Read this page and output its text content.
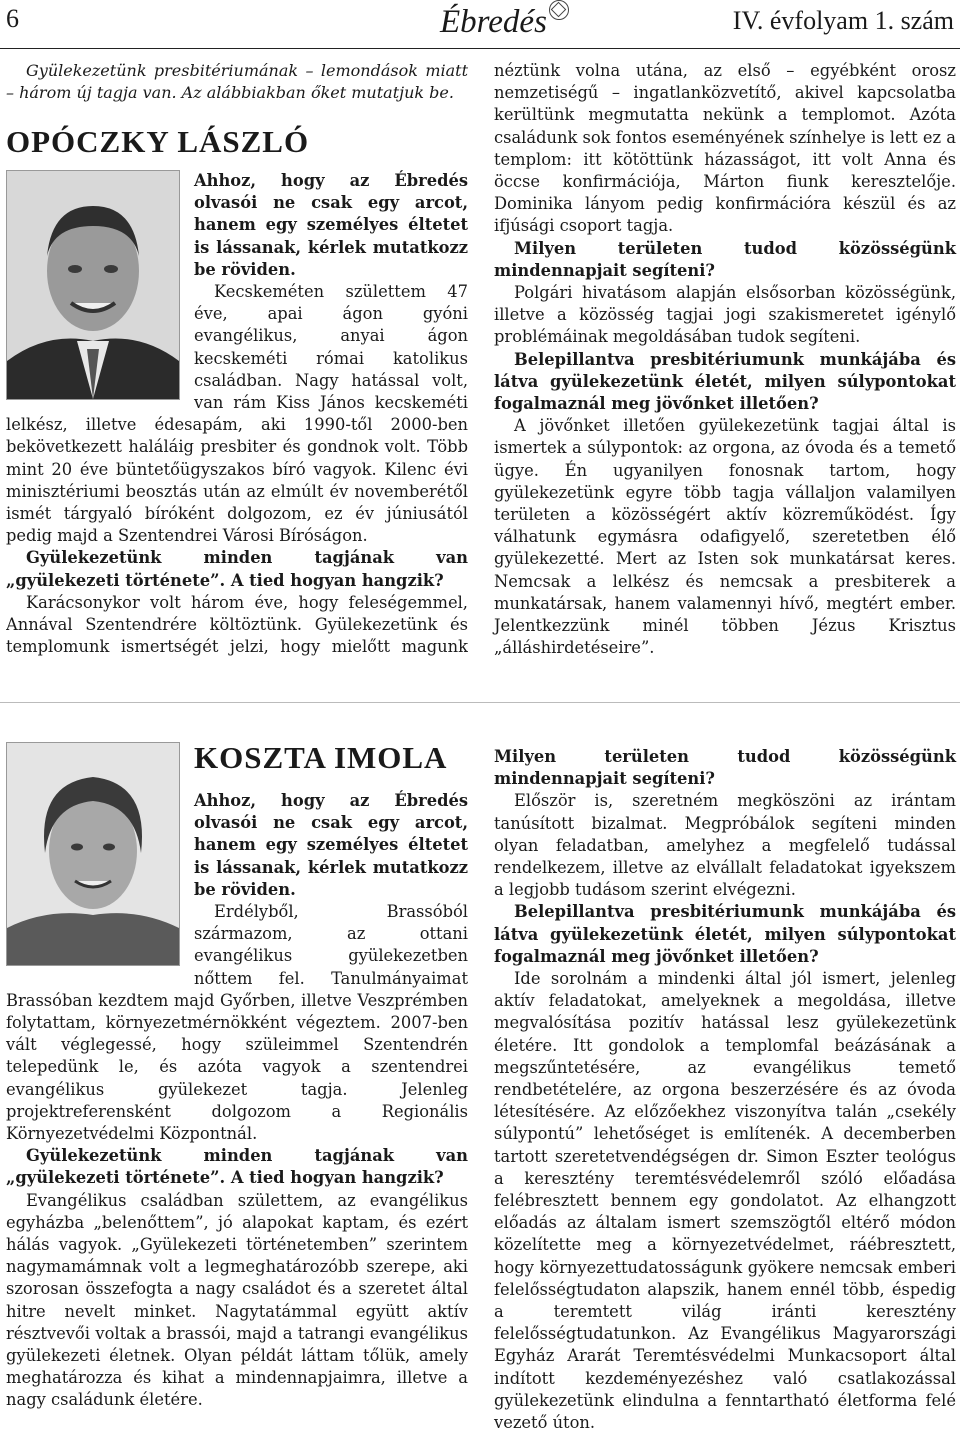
6	Ébredés	IV. évfolyam 1. szám

Gyülekezetünk presbitériumának – lemondások miatt – három új tagja van. Az alábbiakban őket mutatjuk be.

OPÓCZKY LÁSZLÓ

Ahhoz, hogy az Ébredés olvasói ne csak egy arcot, hanem egy személyes éltetet is lássanak, kérlek mutatkozz be röviden.

Kecskeméten születtem 47 éve, apai ágon gyóni evangélikus, anyai ágon kecskeméti római katolikus családban. Nagy hatással volt, van rám Kiss János kecskeméti lelkész, illetve édesapám, aki 1990-től 2000-ben bekövetkezett haláláig presbiter és gondnok volt. Több mint 20 éve büntetőügyszakos bíró vagyok. Kilenc évi minisztériumi beosztás után az elmúlt év novemberétől ismét tárgyaló bíróként dolgozom, ez év júniusától pedig majd a Szentendrei Városi Bíróságon.

Gyülekezetünk minden tagjának van „gyülekezeti története”. A tied hogyan hangzik?

Karácsonykor volt három éve, hogy feleségemmel, Annával Szentendrére költöztünk. Gyülekezetünk és templomunk ismertségét jelzi, hogy mielőtt magunk

néztünk volna utána, az első – egyébként orosz nemzetiségű – ingatlanközvetítő, akivel kapcsolatba kerültünk megmutatta nekünk a templomot. Azóta családunk sok fontos eseményének színhelye is lett ez a templom: itt kötöttünk házasságot, itt volt Anna és öccse konfirmációja, Márton fiunk keresztelője. Dominika lányom pedig konfirmációra készül és az ifjúsági csoport tagja.

Milyen területen tudod közösségünk mindennapjait segíteni?

Polgári hivatásom alapján elsősorban közösségünk, illetve a közösség tagjai jogi szakismeretet igénylő problémáinak megoldásában tudok segíteni.

Belepillantva presbitériumunk munkájába és látva gyülekezetünk életét, milyen súlypontokat fogalmaznál meg jövőnket illetően?

A jövőnket illetően gyülekezetünk tagjai által is ismertek a súlypontok: az orgona, az óvoda és a temető ügye. Én ugyanilyen fonosnak tartom, hogy gyülekezetünk egyre több tagja vállaljon valamilyen területen a közösségért aktív közreműködést. Így válhatunk egymásra odafigyelő, szeretetben élő gyülekezetté. Mert az Isten sok munkatársat keres. Nemcsak a lelkész és nemcsak a presbiterek a munkatársak, hanem valamennyi hívő, megtért ember. Jelentkezzünk minél többen Jézus Krisztus „álláshirdetéseire”.

KOSZTA IMOLA

Ahhoz, hogy az Ébredés olvasói ne csak egy arcot, hanem egy személyes éltetet is lássanak, kérlek mutatkozz be röviden.

Erdélyből, Brassóból származom, az ottani evangélikus gyülekezetben nőttem fel. Tanulmányaimat Brassóban kezdtem majd Győrben, illetve Veszprémben folytattam, környezetmérnökként végeztem. 2007-ben vált véglegessé, hogy szüleimmel Szentendrén telepedünk le, és azóta vagyok a szentendrei evangélikus gyülekezet tagja. Jelenleg projektreferensként dolgozom a Regionális Környezetvédelmi Központnál.

Gyülekezetünk minden tagjának van „gyülekezeti története”. A tied hogyan hangzik?

Evangélikus családban születtem, az evangélikus egyházba „belenőttem”, jó alapokat kaptam, és ezért hálás vagyok. „Gyülekezeti történetemben” szerintem nagymamámnak volt a legmeghatározóbb szerepe, aki szorosan összefogta a nagy családot és a szeretet által hitre nevelt minket. Nagytatámmal együtt aktív résztvevői voltak a brassói, majd a tatrangi evangélikus gyülekezeti életnek. Olyan példát láttam tőlük, amely meghatározza és kihat a mindennapjaimra, illetve a nagy családunk életére.

Milyen területen tudod közösségünk mindennapjait segíteni?

Először is, szeretném megköszöni az irántam tanúsított bizalmat. Megpróbálok segíteni minden olyan feladatban, amelyhez a megfelelő tudással rendelkezem, illetve az elvállalt feladatokat igyekszem a legjobb tudásom szerint elvégezni.

Belepillantva presbitériumunk munkájába és látva gyülekezetünk életét, milyen súlypontokat fogalmaznál meg jövőnket illetően?

Ide sorolnám a mindenki által jól ismert, jelenleg aktív feladatokat, amelyeknek a megoldása, illetve megvalósítása pozitív hatással lesz gyülekezetünk életére. Itt gondolok a templomfal beázásának a megszűntetésére, az evangélikus temető rendbetételére, az orgona beszerzésére és az óvoda létesítésére. Az előzőekhez viszonyítva talán „csekély súlypontú” lehetőséget is említenék. A decemberben tartott szeretetvendégségen dr. Simon Eszter teológus a keresztény teremtésvédelemről szóló előadása felébresztett bennem egy gondolatot. Az elhangzott előadás az általam ismert szemszögtől eltérő módon közelítette meg a környezetvédelmet, ráébresztett, hogy környezettudatosságunk gyökere nemcsak emberi felelősségtudaton alapszik, hanem ennél több, éspedig a teremtett világ iránti keresztény felelősségtudatunkon. Az Evangélikus Magyarországi Egyház Ararát Teremtésvédelmi Munkacsoport által indított kezdeményezéshez való csatlakozással gyülekezetünk elindulna a fenntartható életforma felé vezető úton.
